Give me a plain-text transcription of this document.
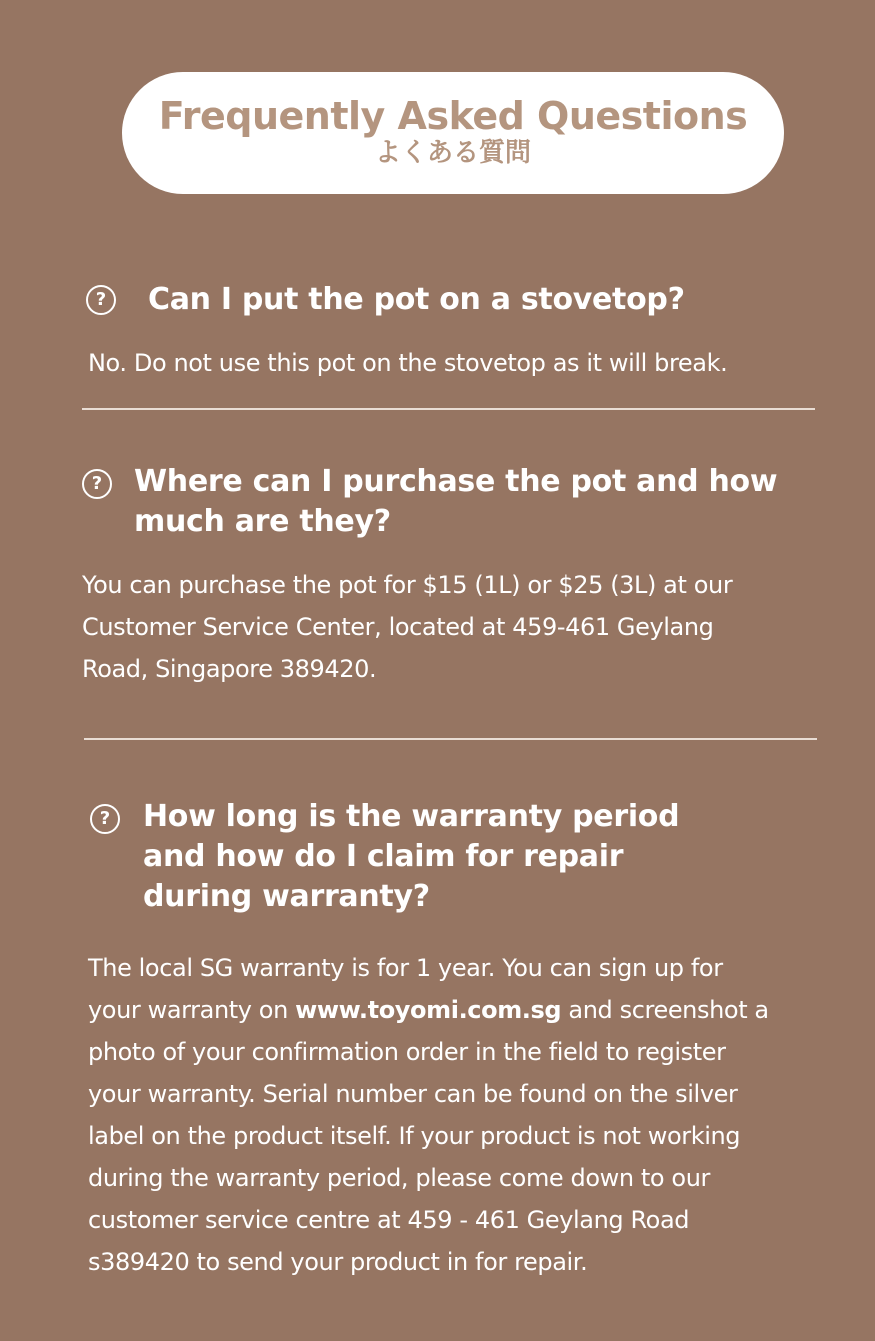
Frequently Asked Questions
よくある質問
?	Can I put the pot on a stovetop?
No. Do not use this pot on the stovetop as it will break.
?	Where can I purchase the pot and how
much are they?
You can purchase the pot for $15 (1L) or $25 (3L) at our
Customer Service Center, located at 459-461 Geylang
Road, Singapore 389420.
?	How long is the warranty period
and how do I claim for repair
during warranty?
The local SG warranty is for 1 year. You can sign up for
your warranty on www.toyomi.com.sg and screenshot a
photo of your confirmation order in the field to register
your warranty. Serial number can be found on the silver
label on the product itself. If your product is not working
during the warranty period, please come down to our
customer service centre at 459 - 461 Geylang Road
s389420 to send your product in for repair.
